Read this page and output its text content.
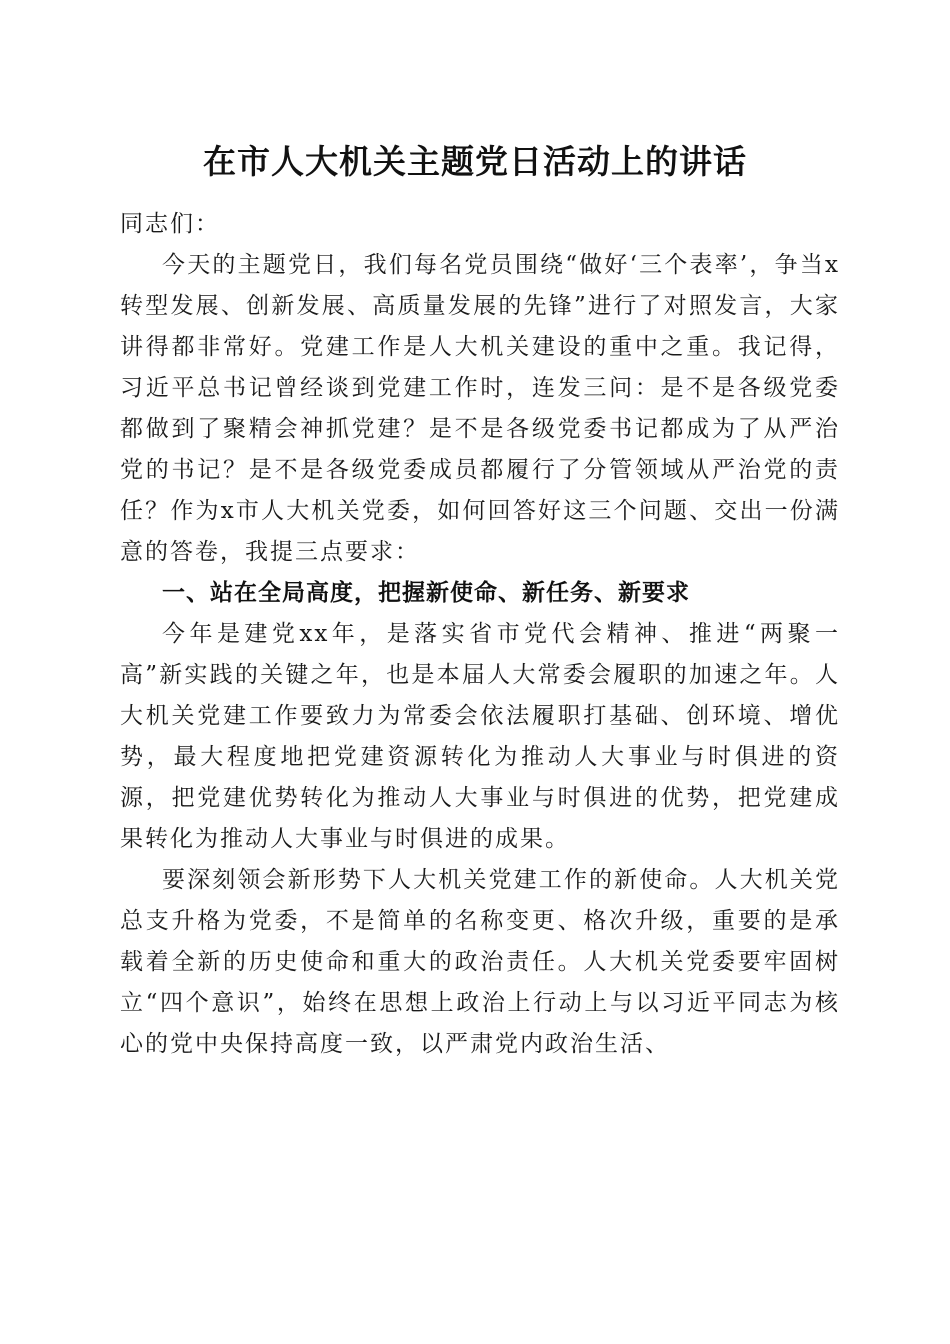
在市人大机关主题党日活动上的讲话

同志们：

今天的主题党日，我们每名党员围绕“做好‘三个表率’，争当x转型发展、创新发展、高质量发展的先锋”进行了对照发言，大家讲得都非常好。党建工作是人大机关建设的重中之重。我记得，习近平总书记曾经谈到党建工作时，连发三问：是不是各级党委都做到了聚精会神抓党建？是不是各级党委书记都成为了从严治党的书记？是不是各级党委成员都履行了分管领域从严治党的责任？作为x市人大机关党委，如何回答好这三个问题、交出一份满意的答卷，我提三点要求：

一、站在全局高度，把握新使命、新任务、新要求

今年是建党xx年，是落实省市党代会精神、推进“两聚一高”新实践的关键之年，也是本届人大常委会履职的加速之年。人大机关党建工作要致力为常委会依法履职打基础、创环境、增优势，最大程度地把党建资源转化为推动人大事业与时俱进的资源，把党建优势转化为推动人大事业与时俱进的优势，把党建成果转化为推动人大事业与时俱进的成果。

要深刻领会新形势下人大机关党建工作的新使命。人大机关党总支升格为党委，不是简单的名称变更、格次升级，重要的是承载着全新的历史使命和重大的政治责任。人大机关党委要牢固树立“四个意识”，始终在思想上政治上行动上与以习近平同志为核心的党中央保持高度一致，以严肃党内政治生活、
